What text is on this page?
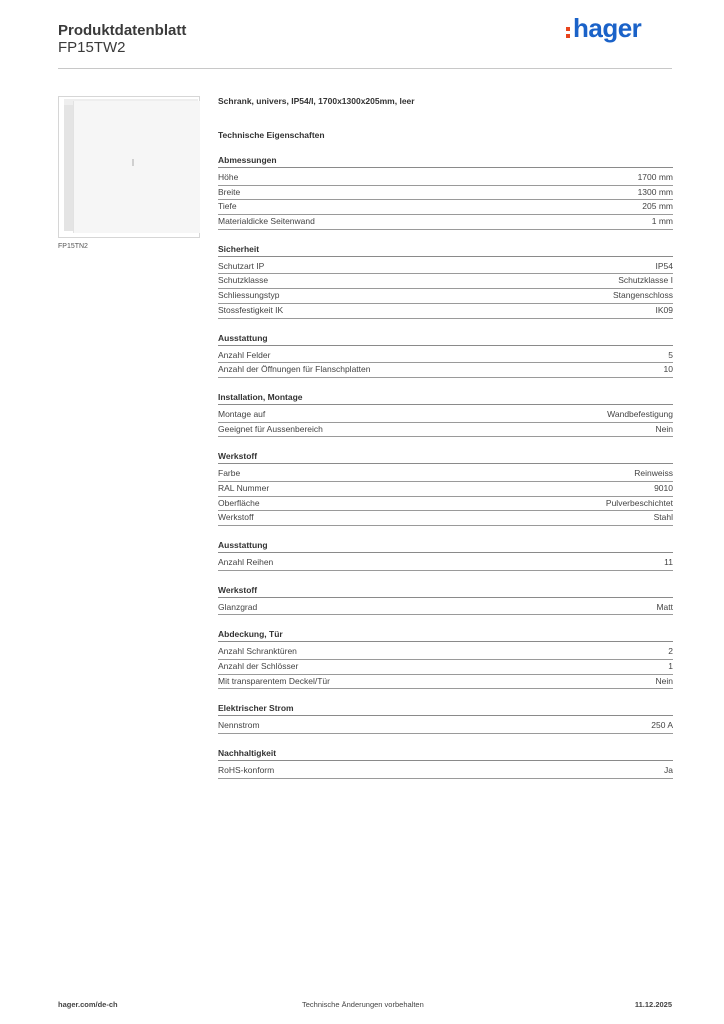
Produktdatenblatt
FP15TW2
hager
FP15TN2
Schrank, univers, IP54/I, 1700x1300x205mm, leer
Technische Eigenschaften
Abmessungen
Höhe	1700 mm
Breite	1300 mm
Tiefe	205 mm
Materialdicke Seitenwand	1 mm
Sicherheit
Schutzart IP	IP54
Schutzklasse	Schutzklasse I
Schliessungstyp	Stangenschloss
Stossfestigkeit IK	IK09
Ausstattung
Anzahl Felder	5
Anzahl der Öffnungen für Flanschplatten	10
Installation, Montage
Montage auf	Wandbefestigung
Geeignet für Aussenbereich	Nein
Werkstoff
Farbe	Reinweiss
RAL Nummer	9010
Oberfläche	Pulverbeschichtet
Werkstoff	Stahl
Ausstattung
Anzahl Reihen	11
Werkstoff
Glanzgrad	Matt
Abdeckung, Tür
Anzahl Schranktüren	2
Anzahl der Schlösser	1
Mit transparentem Deckel/Tür	Nein
Elektrischer Strom
Nennstrom	250 A
Nachhaltigkeit
RoHS-konform	Ja
hager.com/de-ch	Technische Änderungen vorbehalten	11.12.2025
